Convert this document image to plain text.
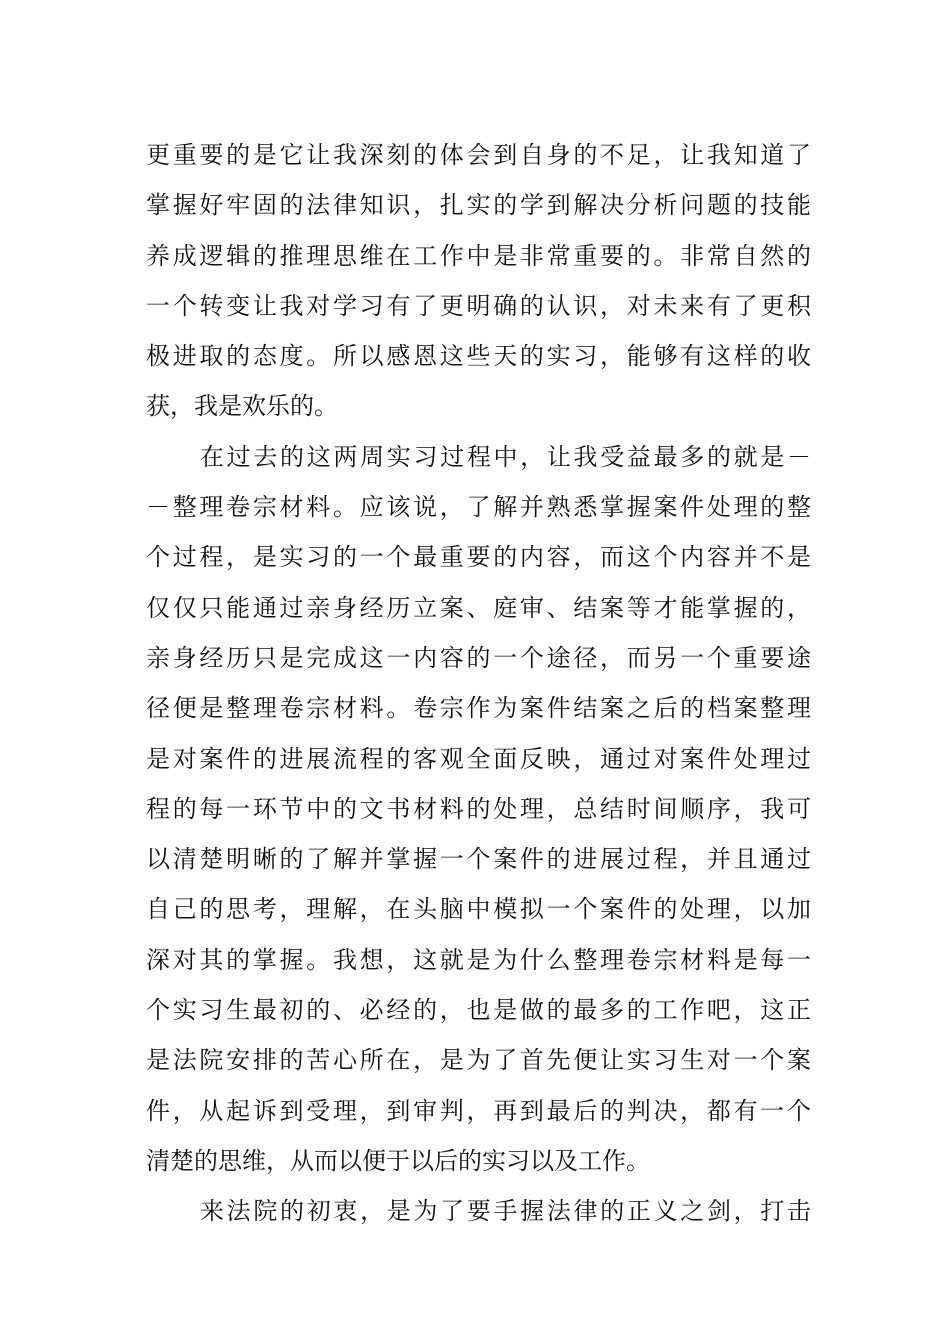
更重要的是它让我深刻的体会到自身的不足，让我知道了
掌握好牢固的法律知识，扎实的学到解决分析问题的技能
养成逻辑的推理思维在工作中是非常重要的。非常自然的
一个转变让我对学习有了更明确的认识，对未来有了更积
极进取的态度。所以感恩这些天的实习，能够有这样的收
获，我是欢乐的。
在过去的这两周实习过程中，让我受益最多的就是－
－整理卷宗材料。应该说，了解并熟悉掌握案件处理的整
个过程，是实习的一个最重要的内容，而这个内容并不是
仅仅只能通过亲身经历立案、庭审、结案等才能掌握的，
亲身经历只是完成这一内容的一个途径，而另一个重要途
径便是整理卷宗材料。卷宗作为案件结案之后的档案整理
是对案件的进展流程的客观全面反映，通过对案件处理过
程的每一环节中的文书材料的处理，总结时间顺序，我可
以清楚明晰的了解并掌握一个案件的进展过程，并且通过
自己的思考，理解，在头脑中模拟一个案件的处理，以加
深对其的掌握。我想，这就是为什么整理卷宗材料是每一
个实习生最初的、必经的，也是做的最多的工作吧，这正
是法院安排的苦心所在，是为了首先便让实习生对一个案
件，从起诉到受理，到审判，再到最后的判决，都有一个
清楚的思维，从而以便于以后的实习以及工作。
来法院的初衷，是为了要手握法律的正义之剑，打击
